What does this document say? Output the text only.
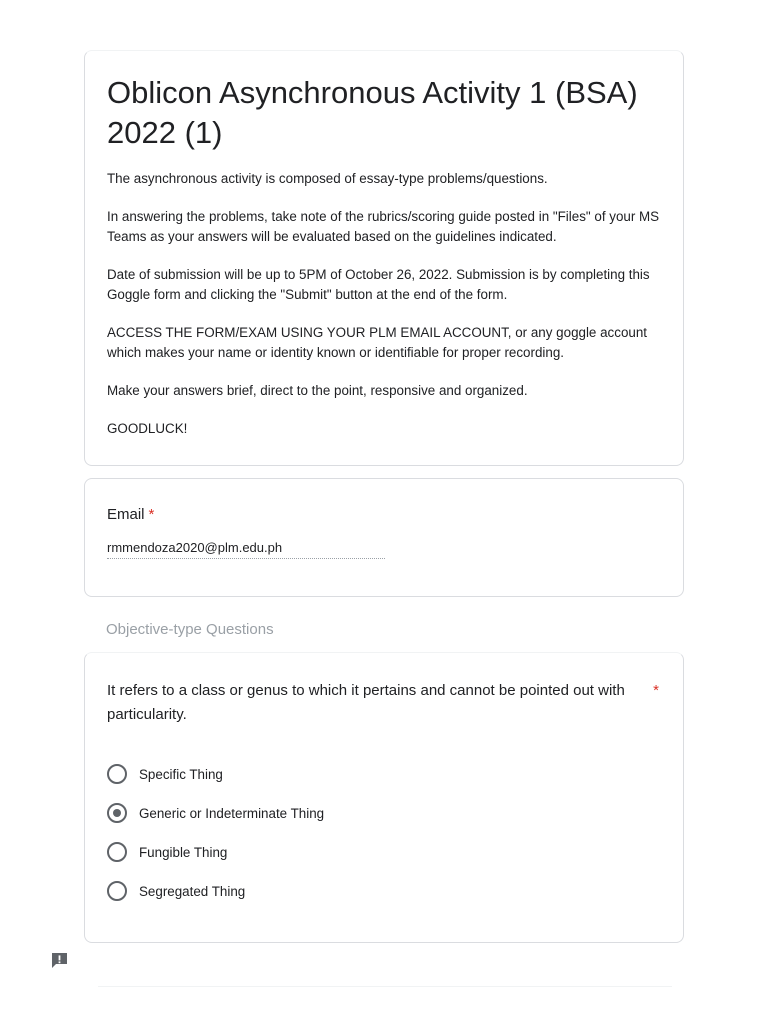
Oblicon Asynchronous Activity 1 (BSA) 2022 (1)

The asynchronous activity is composed of essay-type problems/questions.

In answering the problems, take note of the rubrics/scoring guide posted in "Files" of your MS Teams as your answers will be evaluated based on the guidelines indicated.

Date of submission will be up to 5PM of October 26, 2022. Submission is by completing this Goggle form and clicking the "Submit" button at the end of the form.

ACCESS THE FORM/EXAM USING YOUR PLM EMAIL ACCOUNT, or any goggle account which makes your name or identity known or identifiable for proper recording.

Make your answers brief, direct to the point, responsive and organized.

GOODLUCK!

Email *
rmmendoza2020@plm.edu.ph
Objective-type Questions
It refers to a class or genus to which it pertains and cannot be pointed out with particularity.
*
Specific Thing
Generic or Indeterminate Thing
Fungible Thing
Segregated Thing
